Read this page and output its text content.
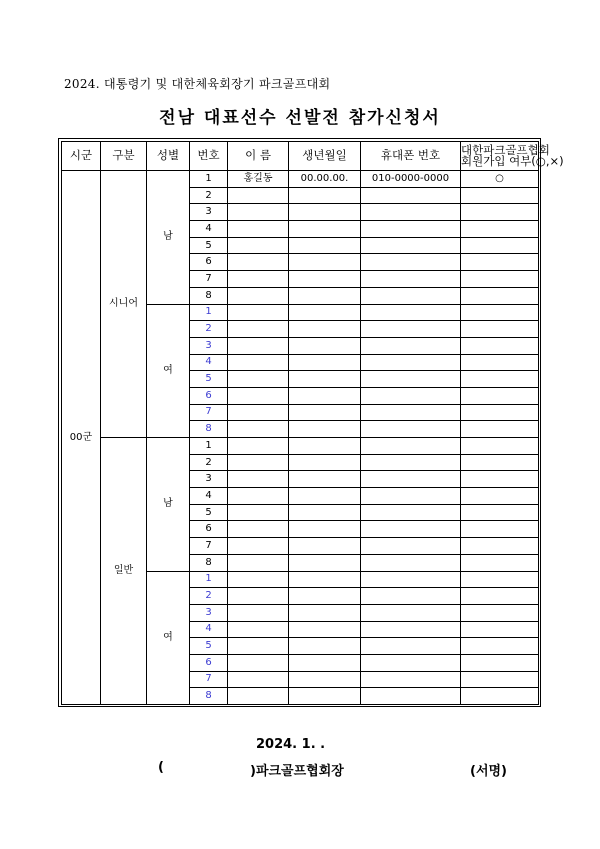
2024. 대통령기 및 대한체육회장기 파크골프대회
전남 대표선수 선발전 참가신청서
시군	구분	성별	번호	이 름	생년월일	휴대폰 번호	대한파크골프협회
회원가입 여부(○,×)

00군	시니어	남	1	홍길동	00.00.00.	010-0000-0000	○
			2				
			3				
			4				
			5				
			6				
			7				
			8				
		여	1				
			2				
			3				
			4				
			5				
			6				
			7				
			8				
	일반	남	1				
			2				
			3				
			4				
			5				
			6				
			7				
			8				
		여	1				
			2				
			3				
			4				
			5				
			6				
			7				
			8				
2024. 1. .
(	)파크골프협회장	(서명)
